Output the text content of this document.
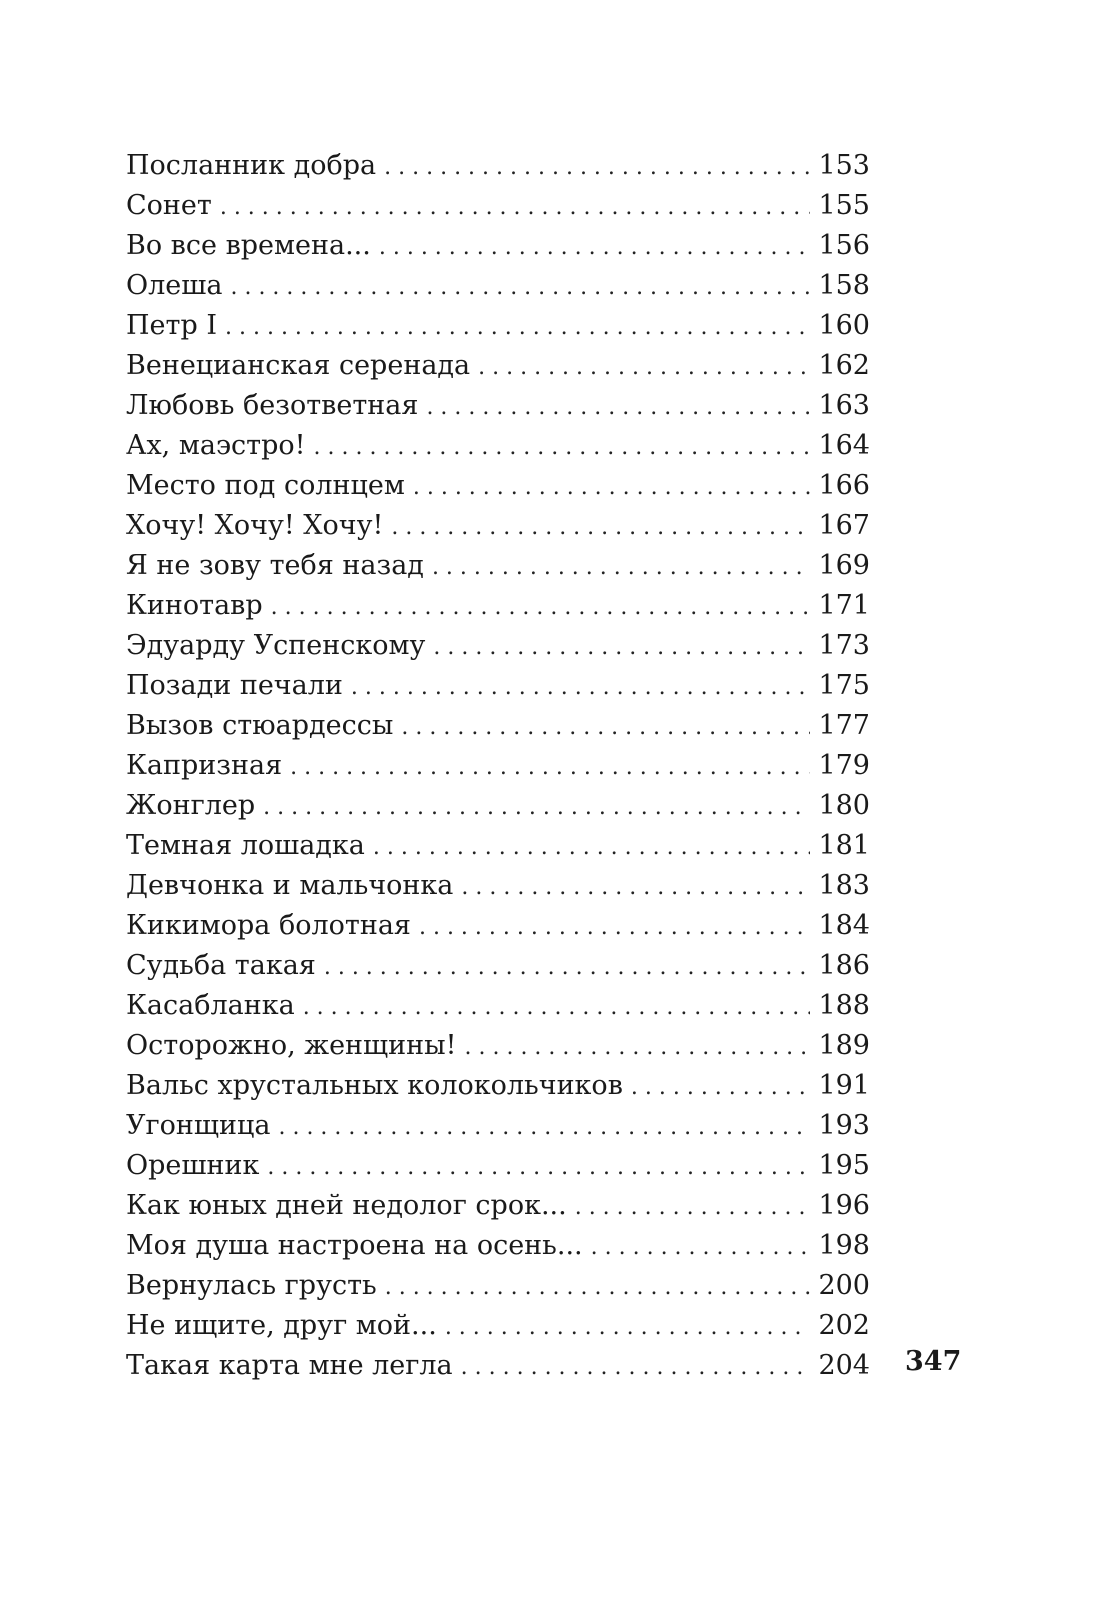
Посланник добра . . .	153
Сонет . . .	155
Во все времена... . . .	156
Олеша . . .	158
Петр I . . .	160
Венецианская серенада . . .	162
Любовь безответная . . .	163
Ах, маэстро! . . .	164
Место под солнцем . . .	166
Хочу! Хочу! Хочу! . . .	167
Я не зову тебя назад . . .	169
Кинотавр . . .	171
Эдуарду Успенскому . . .	173
Позади печали . . .	175
Вызов стюардессы . . .	177
Капризная . . .	179
Жонглер . . .	180
Темная лошадка . . .	181
Девчонка и мальчонка . . .	183
Кикимора болотная . . .	184
Судьба такая . . .	186
Касабланка . . .	188
Осторожно, женщины! . . .	189
Вальс хрустальных колокольчиков . . .	191
Угонщица . . .	193
Орешник . . .	195
Как юных дней недолог срок... . . .	196
Моя душа настроена на осень... . . .	198
Вернулась грусть . . .	200
Не ищите, друг мой... . . .	202
Такая карта мне легла . . .	204 347
